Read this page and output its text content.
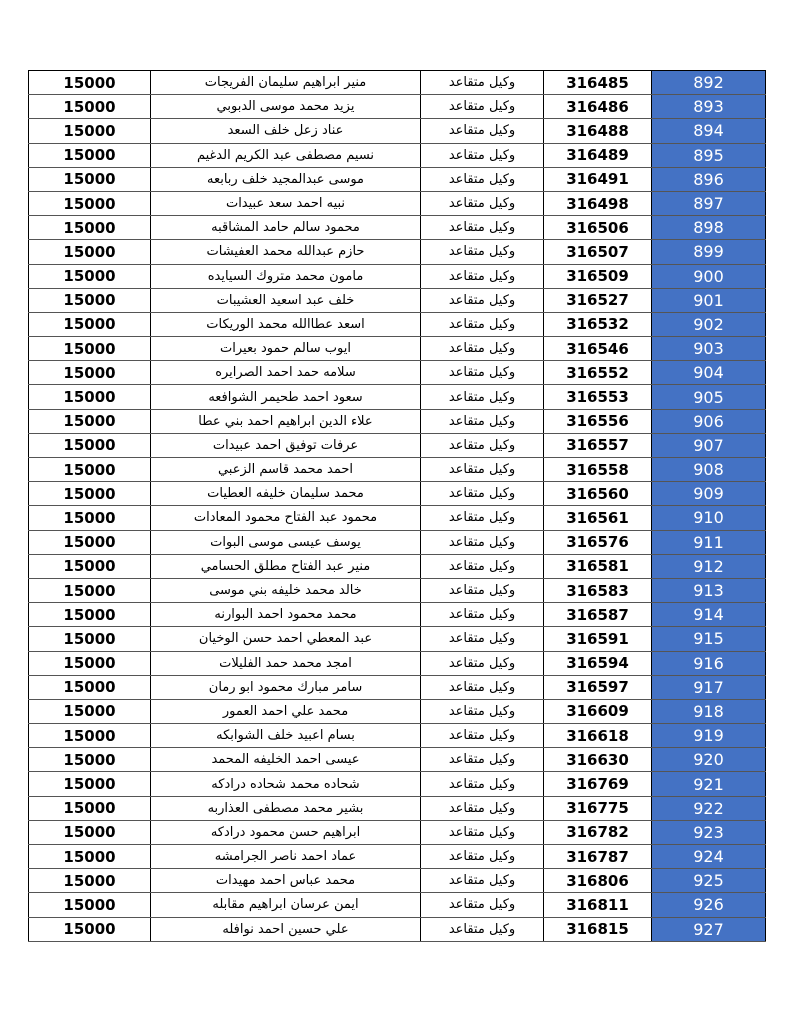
15000	منير ابراهيم سليمان الفريجات	وكيل متقاعد	316485	892
15000	يزيد محمد موسى الدبوبي	وكيل متقاعد	316486	893
15000	عناد زعل خلف السعد	وكيل متقاعد	316488	894
15000	نسيم مصطفى عبد الكريم الدغيم	وكيل متقاعد	316489	895
15000	موسى عبدالمجيد خلف ربابعه	وكيل متقاعد	316491	896
15000	نبيه احمد سعد عبيدات	وكيل متقاعد	316498	897
15000	محمود سالم حامد المشاقبه	وكيل متقاعد	316506	898
15000	حازم عبدالله محمد العفيشات	وكيل متقاعد	316507	899
15000	مامون محمد متروك السيايده	وكيل متقاعد	316509	900
15000	خلف عبد اسعيد العشيبات	وكيل متقاعد	316527	901
15000	اسعد عطاالله محمد الوريكات	وكيل متقاعد	316532	902
15000	ايوب سالم حمود بعيرات	وكيل متقاعد	316546	903
15000	سلامه حمد احمد الصرايره	وكيل متقاعد	316552	904
15000	سعود احمد طحيمر الشوافعه	وكيل متقاعد	316553	905
15000	علاء الدين ابراهيم احمد بني عطا	وكيل متقاعد	316556	906
15000	عرفات توفيق احمد عبيدات	وكيل متقاعد	316557	907
15000	احمد محمد قاسم الزعبي	وكيل متقاعد	316558	908
15000	محمد سليمان خليفه العطيات	وكيل متقاعد	316560	909
15000	محمود عبد الفتاح محمود المعادات	وكيل متقاعد	316561	910
15000	يوسف عيسى موسى البوات	وكيل متقاعد	316576	911
15000	منير عبد الفتاح مطلق الحسامي	وكيل متقاعد	316581	912
15000	خالد محمد خليفه بني موسى	وكيل متقاعد	316583	913
15000	محمد محمود احمد البوارنه	وكيل متقاعد	316587	914
15000	عبد المعطي احمد حسن الوخيان	وكيل متقاعد	316591	915
15000	امجد محمد حمد الفليلات	وكيل متقاعد	316594	916
15000	سامر مبارك محمود ابو رمان	وكيل متقاعد	316597	917
15000	محمد علي احمد العمور	وكيل متقاعد	316609	918
15000	بسام اعبيد خلف الشوابكه	وكيل متقاعد	316618	919
15000	عيسى احمد الخليفه المحمد	وكيل متقاعد	316630	920
15000	شحاده محمد شحاده درادكه	وكيل متقاعد	316769	921
15000	بشير محمد مصطفى العذاربه	وكيل متقاعد	316775	922
15000	ابراهيم حسن محمود درادكه	وكيل متقاعد	316782	923
15000	عماد احمد ناصر الجرامشه	وكيل متقاعد	316787	924
15000	محمد عباس احمد مهيدات	وكيل متقاعد	316806	925
15000	ايمن عرسان ابراهيم مقابله	وكيل متقاعد	316811	926
15000	علي حسين احمد نوافله	وكيل متقاعد	316815	927
